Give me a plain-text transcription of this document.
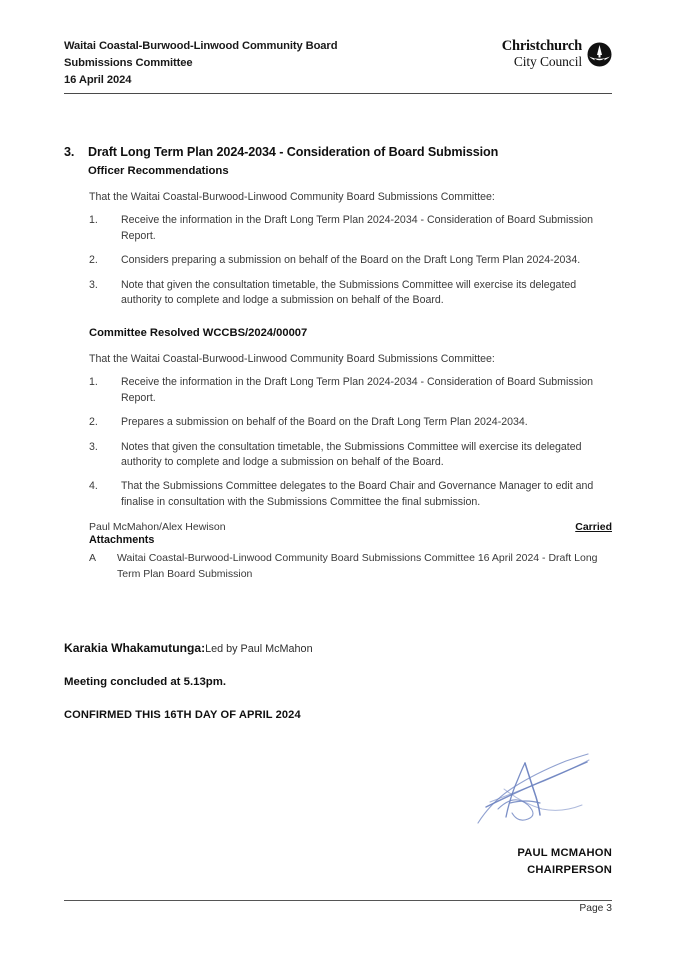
Waitai Coastal-Burwood-Linwood Community Board
Submissions Committee
16 April 2024
Christchurch
City Council
3.	Draft Long Term Plan 2024-2034 - Consideration of Board Submission
Officer Recommendations
That the Waitai Coastal-Burwood-Linwood Community Board Submissions Committee:
1.	Receive the information in the Draft Long Term Plan 2024-2034 - Consideration of Board Submission Report.
2.	Considers preparing a submission on behalf of the Board on the Draft Long Term Plan 2024-2034.
3.	Note that given the consultation timetable, the Submissions Committee will exercise its delegated authority to complete and lodge a submission on behalf of the Board.
Committee Resolved WCCBS/2024/00007
That the Waitai Coastal-Burwood-Linwood Community Board Submissions Committee:
1.	Receive the information in the Draft Long Term Plan 2024-2034 - Consideration of Board Submission Report.
2.	Prepares a submission on behalf of the Board on the Draft Long Term Plan 2024-2034.
3.	Notes that given the consultation timetable, the Submissions Committee will exercise its delegated authority to complete and lodge a submission on behalf of the Board.
4.	That the Submissions Committee delegates to the Board Chair and Governance Manager to edit and finalise in consultation with the Submissions Committee the final submission.
Paul McMahon/Alex Hewison	Carried
Attachments
A	Waitai Coastal-Burwood-Linwood Community Board Submissions Committee 16 April 2024 - Draft Long Term Plan Board Submission
Karakia Whakamutunga:Led by Paul McMahon
Meeting concluded at 5.13pm.
CONFIRMED THIS 16TH DAY OF APRIL 2024
PAUL MCMAHON
CHAIRPERSON
Page 3
